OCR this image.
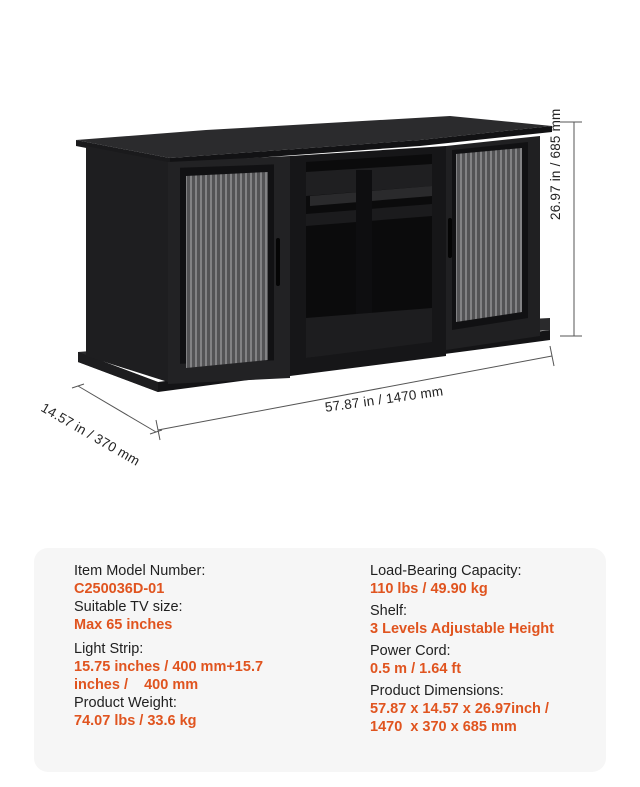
26.97 in / 685 mm
57.87 in / 1470 mm
14.57 in / 370 mm
Item Model Number:
C250036D-01
Suitable TV size:
Max 65 inches
Light Strip:
15.75 inches / 400 mm+15.7 inches /    400 mm
Product Weight:
74.07 lbs / 33.6 kg
Load-Bearing Capacity:
110 lbs / 49.90 kg
Shelf:
3 Levels Adjustable Height
Power Cord:
0.5 m / 1.64 ft
Product Dimensions:
57.87 x 14.57 x 26.97inch / 1470  x 370 x 685 mm
